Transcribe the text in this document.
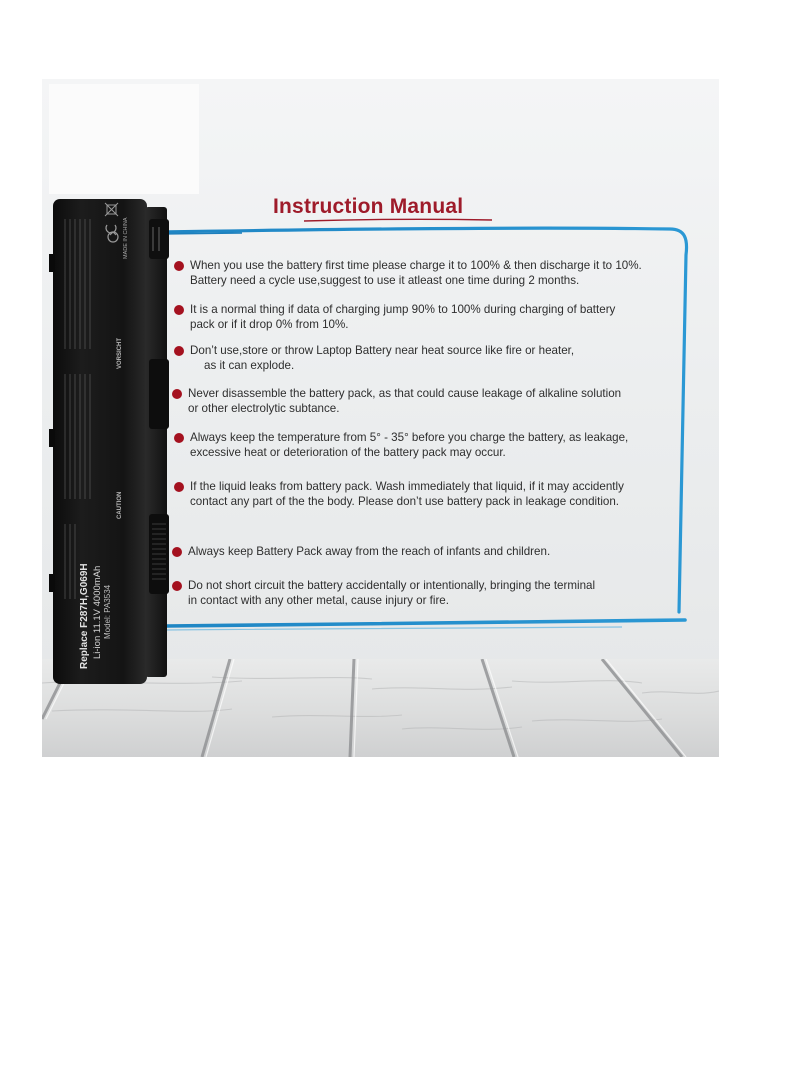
Instruction Manual
When you use the battery first time please charge it to 100% & then discharge it to 10%.
Battery need a cycle use,suggest to use it atleast one time during 2 months.
It is a normal thing if data of charging jump 90% to 100% during charging of battery
pack or if it drop 0% from 10%.
Don’t use,store or throw Laptop Battery near heat source like fire or heater,
as it can explode.
Never disassemble the battery pack, as that could cause leakage of alkaline solution
or other electrolytic subtance.
Always keep the temperature from 5° - 35° before you charge the battery, as leakage,
excessive heat or deterioration of the battery pack may occur.
If the liquid leaks from battery pack. Wash immediately that liquid, if it may accidently
contact any part of the the body. Please don’t use battery pack in leakage condition.
Always keep Battery Pack away from the reach of infants and children.
Do not short circuit the battery accidentally or intentionally, bringing the terminal
in contact with any other metal, cause injury or fire.
Replace F287H,G069H Li-ion 11.1V 4000mAh Model: PA3534
CAUTION
VORSICHT
MADE IN CHINA
